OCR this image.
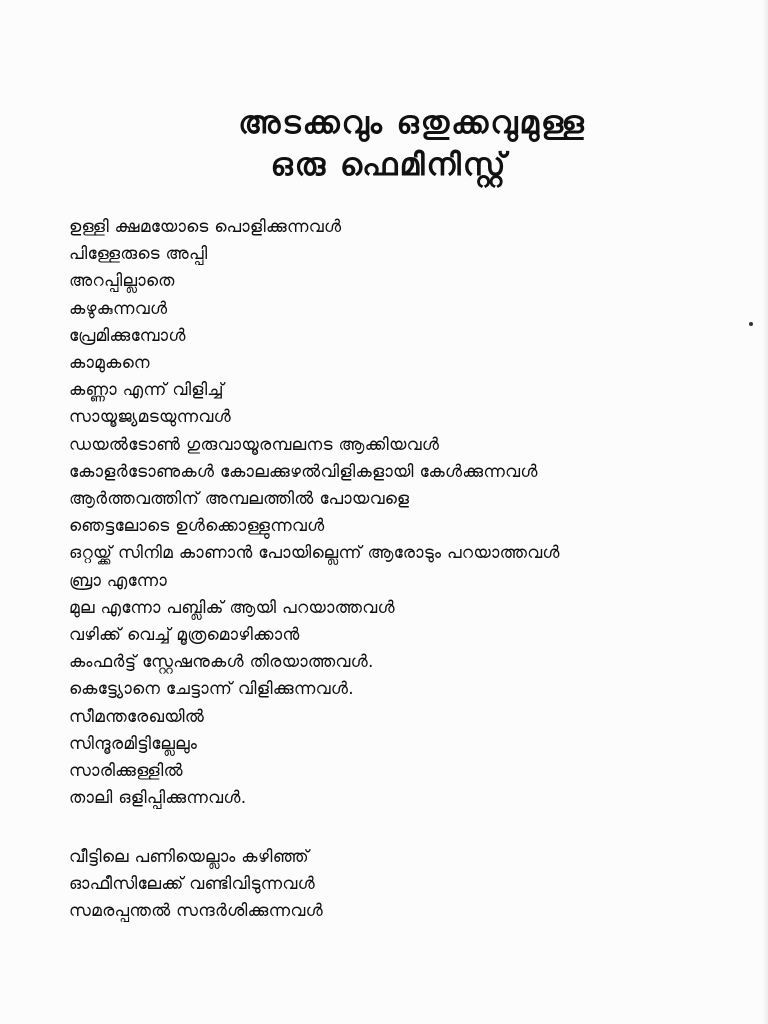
അടക്കവും ഒതുക്കവുമുള്ള
ഒരു ഫെമിനിസ്റ്റ്
ഉള്ളി ക്ഷമയോടെ പൊളിക്കുന്നവൾ
പിള്ളേരുടെ അപ്പി
അറപ്പില്ലാതെ
കഴുകുന്നവൾ
പ്രേമിക്കുമ്പോൾ
കാമുകനെ
കണ്ണാ എന്ന് വിളിച്ച്
സായൂജ്യമടയുന്നവൾ
ഡയൽടോൺ ഗുരുവായൂരമ്പലനട ആക്കിയവൾ
കോളർടോണുകൾ കോലക്കുഴൽവിളികളായി കേൾക്കുന്നവൾ
ആർത്തവത്തിന് അമ്പലത്തിൽ പോയവളെ
ഞെട്ടലോടെ ഉൾക്കൊള്ളുന്നവൾ
ഒറ്റയ്ക്ക് സിനിമ കാണാൻ പോയില്ലെന്ന് ആരോടും പറയാത്തവൾ
ബ്രാ എന്നോ
മുല എന്നോ പബ്ലിക് ആയി പറയാത്തവൾ
വഴിക്ക് വെച്ച് മൂത്രമൊഴിക്കാൻ
കംഫർട്ട് സ്റ്റേഷനുകൾ തിരയാത്തവൾ.
കെട്ട്യോനെ ചേട്ടാന്ന് വിളിക്കുന്നവൾ.
സീമന്തരേഖയിൽ
സിന്ദൂരമിട്ടില്ലേലും
സാരിക്കുള്ളിൽ
താലി ഒളിപ്പിക്കുന്നവൾ.
വീട്ടിലെ പണിയെല്ലാം കഴിഞ്ഞ്
ഓഫീസിലേക്ക് വണ്ടിവിടുന്നവൾ
സമരപ്പന്തൽ സന്ദർശിക്കുന്നവൾ
